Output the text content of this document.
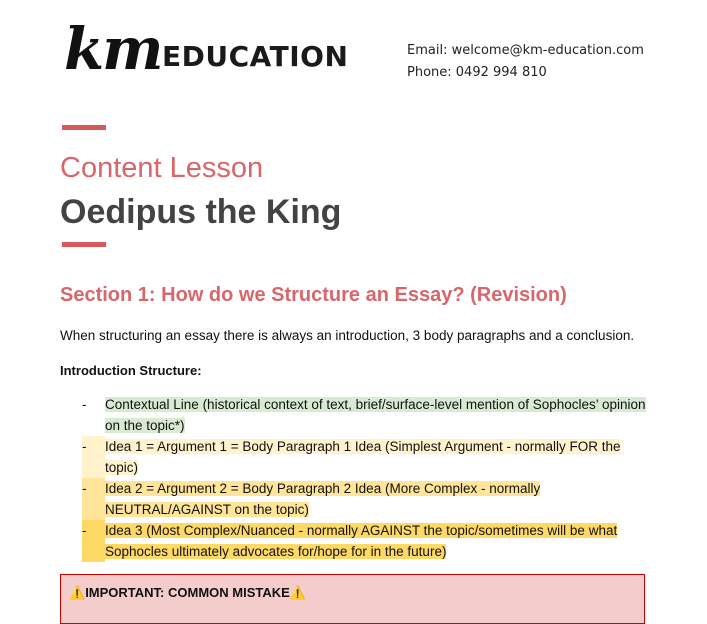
km EDUCATION	Email: welcome@km-education.com
Phone: 0492 994 810
Content Lesson
Oedipus the King
Section 1: How do we Structure an Essay? (Revision)
When structuring an essay there is always an introduction, 3 body paragraphs and a conclusion.
Introduction Structure:
-	Contextual Line (historical context of text, brief/surface-level mention of Sophocles’ opinion on the topic*)
-	Idea 1 = Argument 1 = Body Paragraph 1 Idea (Simplest Argument - normally FOR the topic)
-	Idea 2 = Argument 2 = Body Paragraph 2 Idea (More Complex - normally NEUTRAL/AGAINST on the topic)
-	Idea 3 (Most Complex/Nuanced - normally AGAINST the topic/sometimes will be what Sophocles ultimately advocates for/hope for in the future)
⚠️IMPORTANT: COMMON MISTAKE⚠️
